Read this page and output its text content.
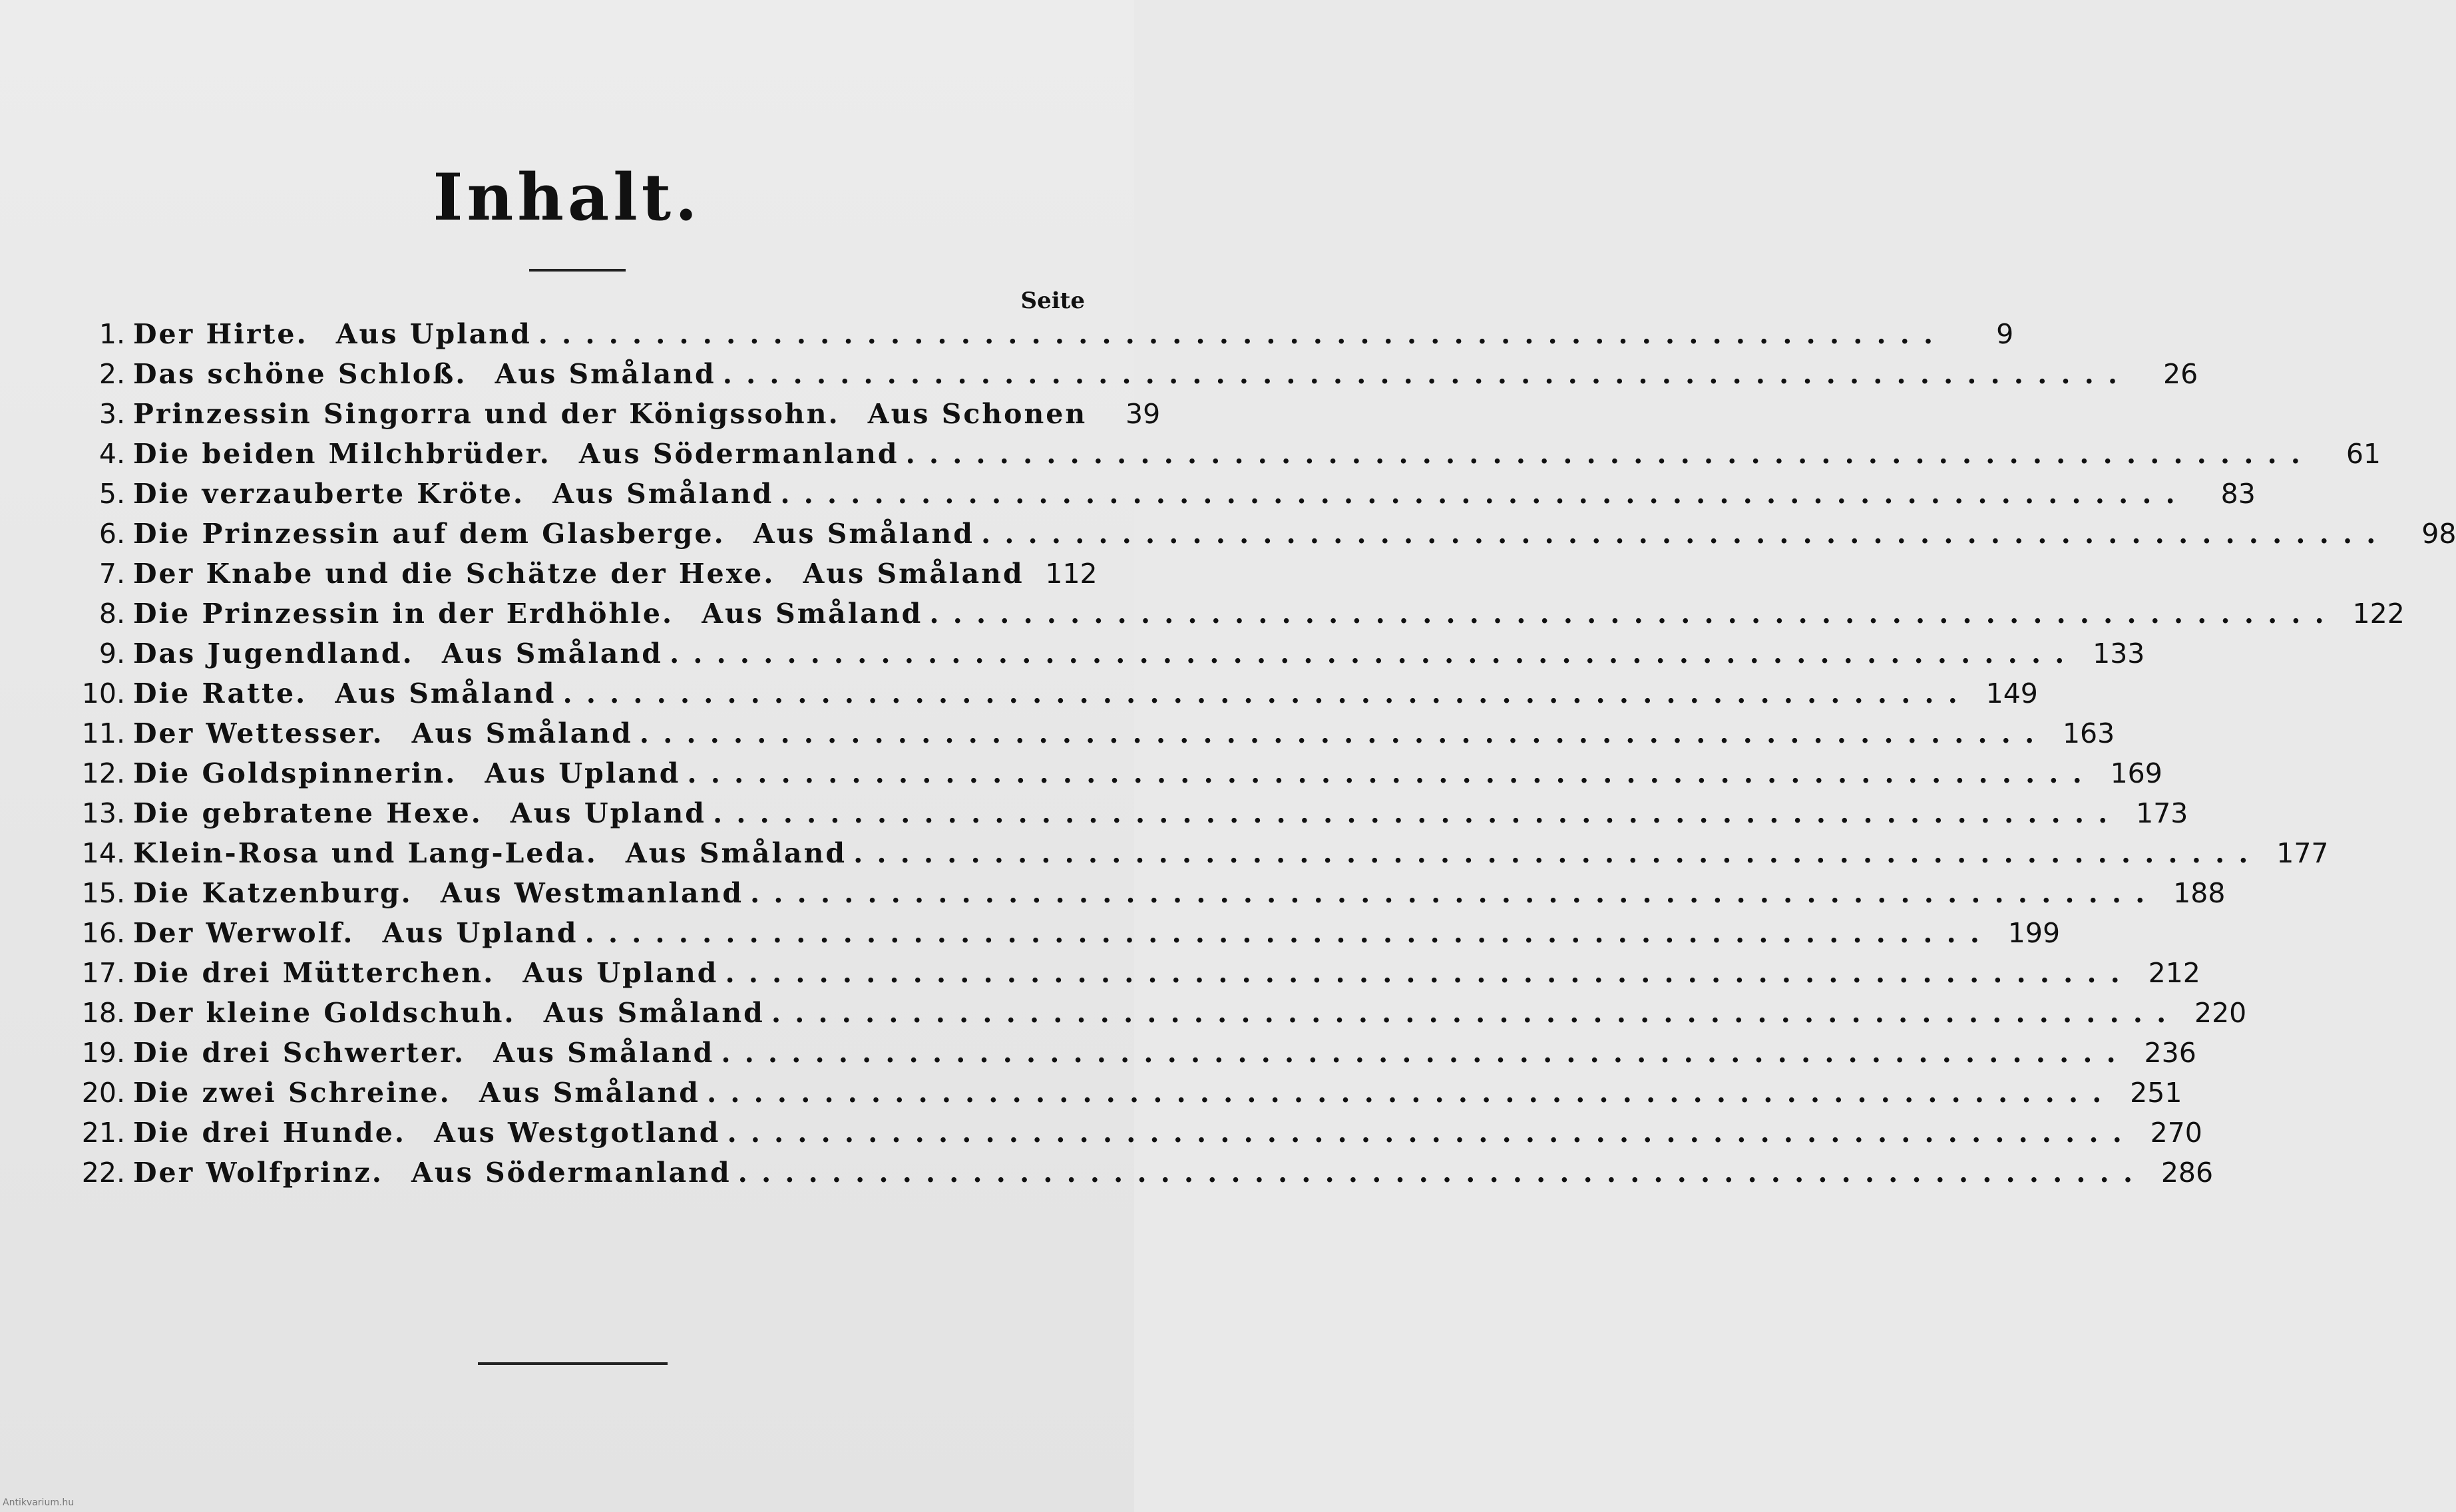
Inhalt.
Seite
1. Der Hirte. Aus Upland ............................................................	9
2. Das schöne Schloß. Aus Småland ............................................................	26
3. Prinzessin Singorra und der Königssohn. Aus Schonen	39
4. Die beiden Milchbrüder. Aus Södermanland ............................................................	61
5. Die verzauberte Kröte. Aus Småland ............................................................	83
6. Die Prinzessin auf dem Glasberge. Aus Småland ............................................................	98
7. Der Knabe und die Schätze der Hexe. Aus Småland 112
8. Die Prinzessin in der Erdhöhle. Aus Småland ............................................................ 122
9. Das Jugendland. Aus Småland ............................................................ 133
10. Die Ratte. Aus Småland ............................................................ 149
11. Der Wettesser. Aus Småland ............................................................ 163
12. Die Goldspinnerin. Aus Upland ............................................................ 169
13. Die gebratene Hexe. Aus Upland ............................................................ 173
14. Klein-Rosa und Lang-Leda. Aus Småland ............................................................ 177
15. Die Katzenburg. Aus Westmanland ............................................................ 188
16. Der Werwolf. Aus Upland ............................................................ 199
17. Die drei Mütterchen. Aus Upland ............................................................ 212
18. Der kleine Goldschuh. Aus Småland ............................................................ 220
19. Die drei Schwerter. Aus Småland ............................................................ 236
20. Die zwei Schreine. Aus Småland ............................................................ 251
21. Die drei Hunde. Aus Westgotland ............................................................ 270
22. Der Wolfprinz. Aus Södermanland ............................................................ 286
Antikvarium.hu
